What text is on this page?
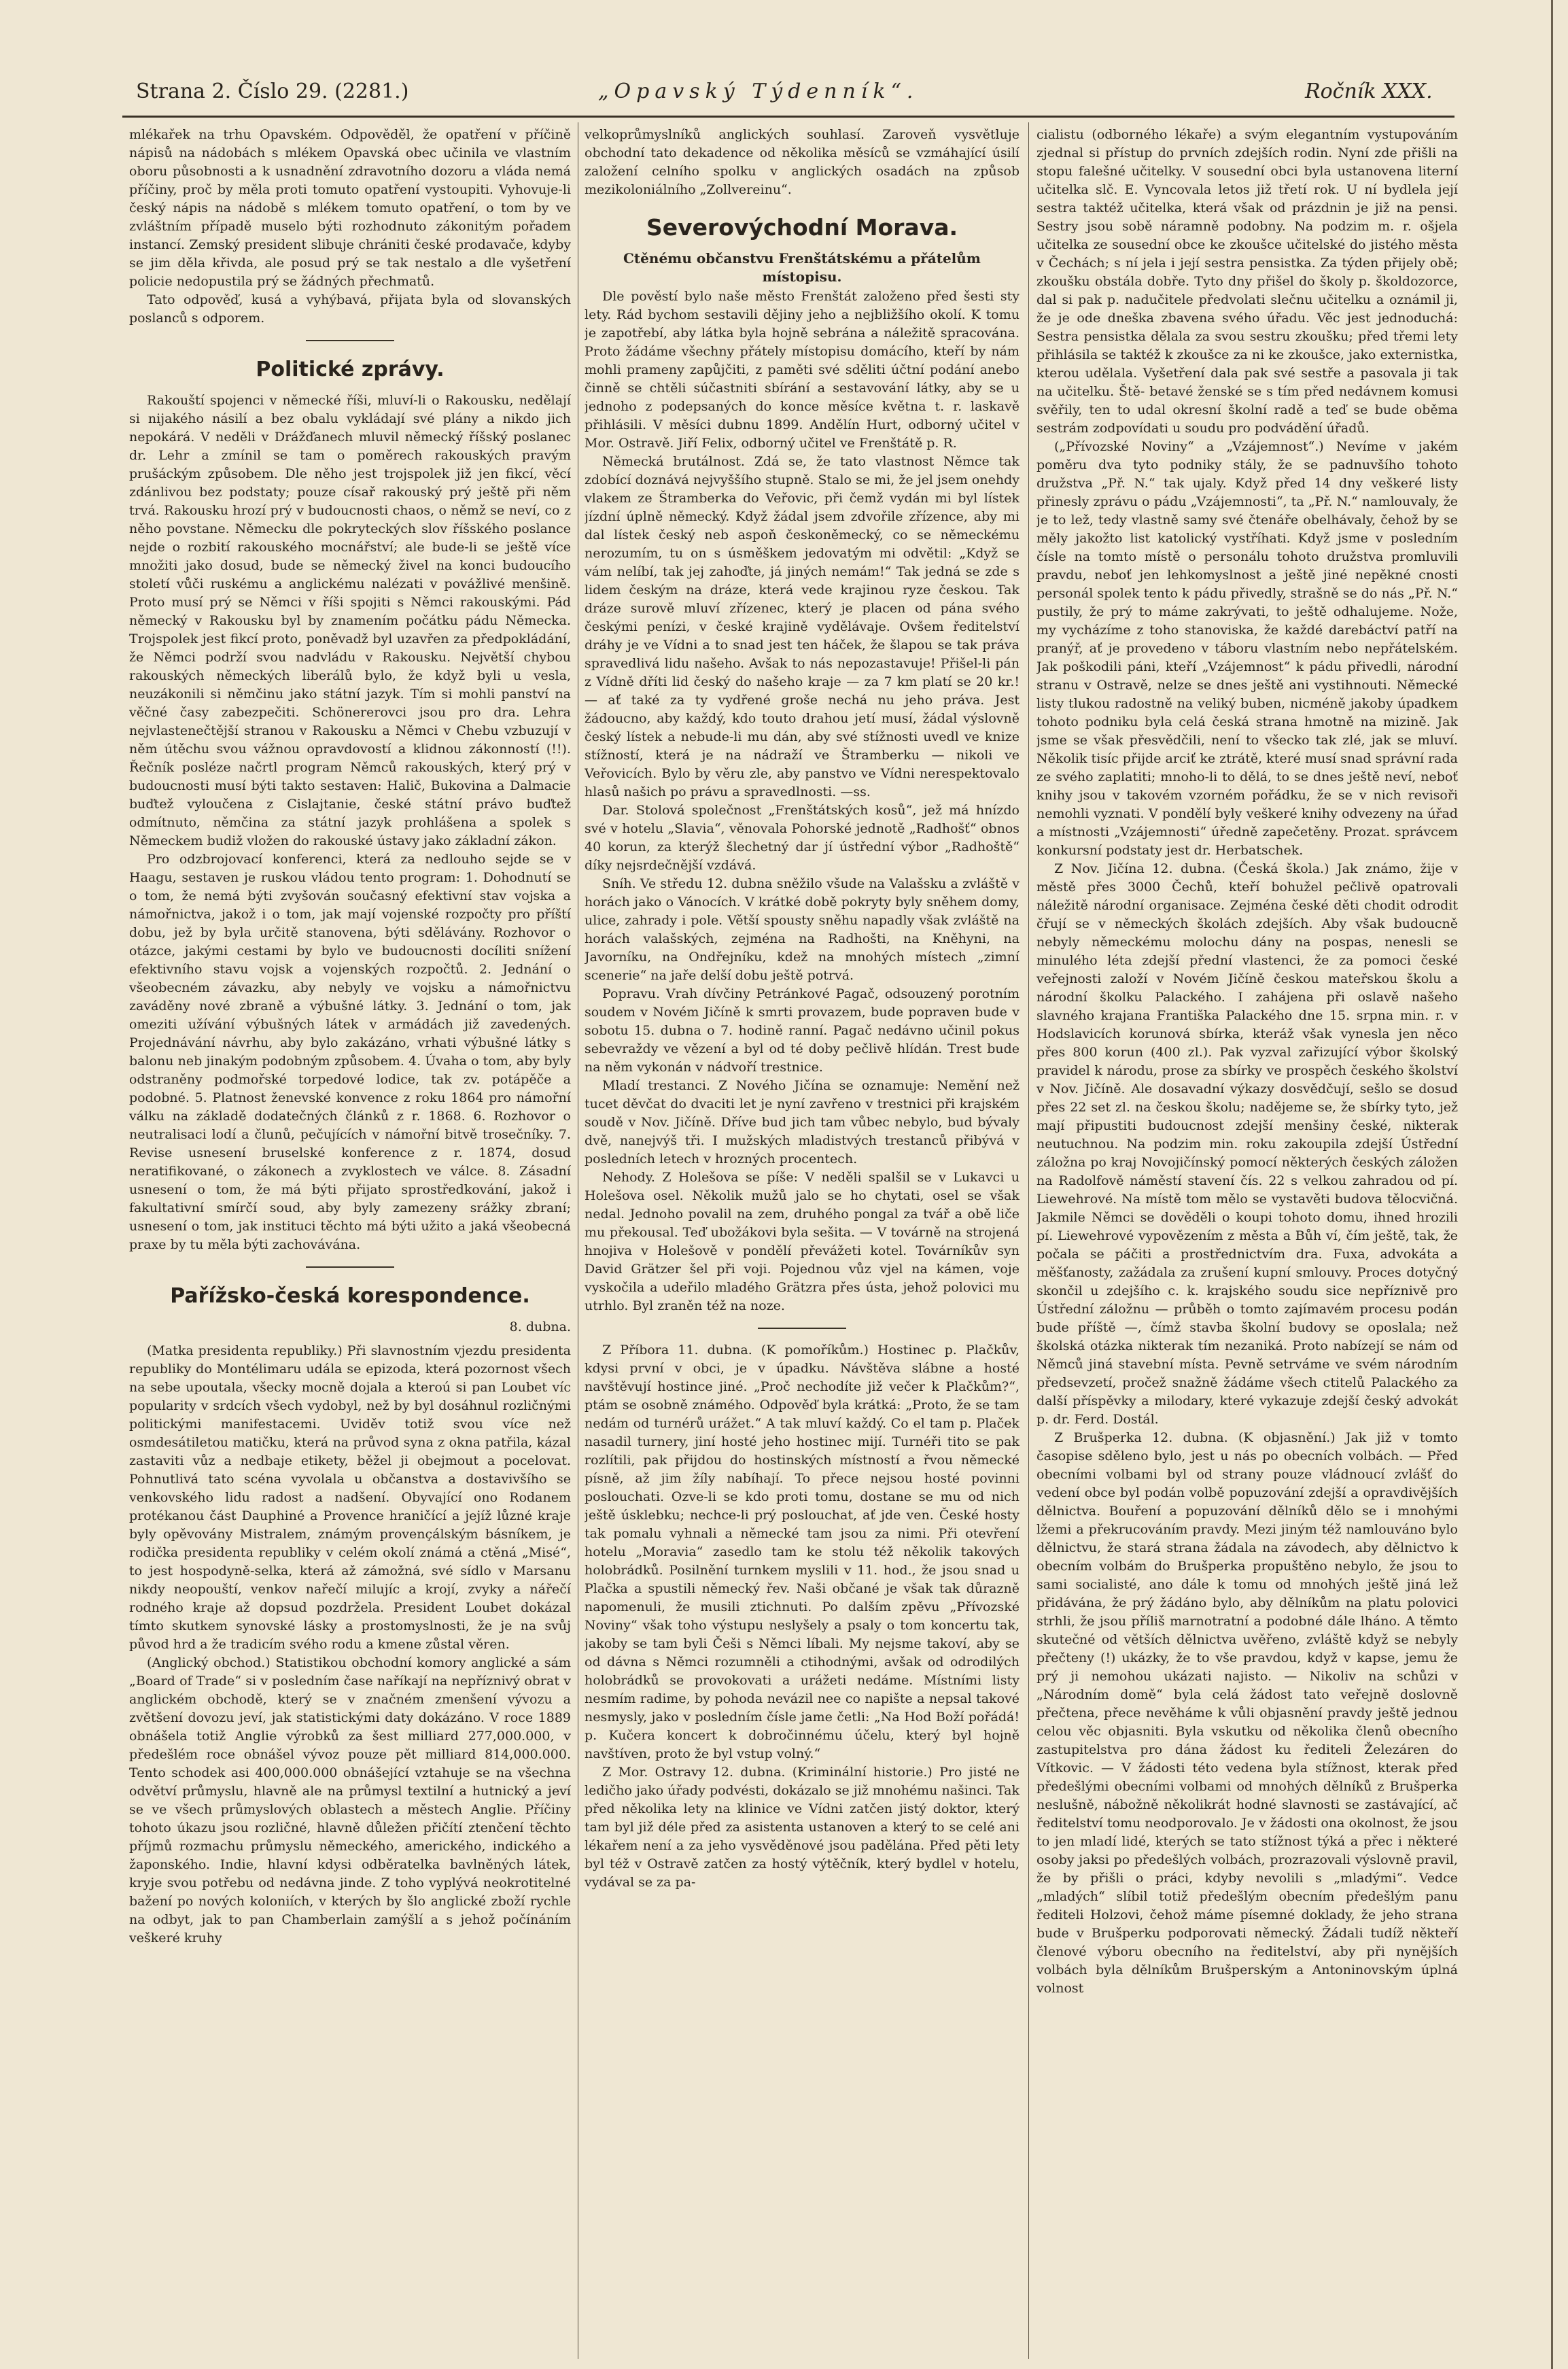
Strana 2. Číslo 29. (2281.)	„Opavský Týdenník“.	Ročník XXX.

mlékařek na trhu Opavském. Odpověděl, že opatření v příčině nápisů na nádobách s mlékem Opavská obec učinila ve vlastním oboru působnosti a k usnadnění zdravotního dozoru a vláda nemá příčiny, proč by měla proti tomuto opatření vystoupiti. Vyhovuje-li český nápis na nádobě s mlékem tomuto opatření, o tom by ve zvláštním případě muselo býti rozhodnuto zákonitým pořadem instancí. Zemský president slibuje chrániti české prodavače, kdyby se jim děla křivda, ale posud prý se tak nestalo a dle vyšetření policie nedopustila prý se žádných přechmatů.

Tato odpověď, kusá a vyhýbavá, přijata byla od slovanských poslanců s odporem.

Politické zprávy.

Rakouští spojenci v německé říši, mluví-li o Rakousku, nedělají si nijakého násilí a bez obalu vykládají své plány a nikdo jich nepokárá. V neděli v Drážďanech mluvil německý říšský poslanec dr. Lehr a zmínil se tam o poměrech rakouských pravým prušáckým způsobem. Dle něho jest trojspolek již jen fikcí, věcí zdánlivou bez podstaty; pouze císař rakouský prý ještě při něm trvá. Rakousku hrozí prý v budoucnosti chaos, o němž se neví, co z něho povstane. Německu dle pokryteckých slov říšského poslance nejde o rozbití rakouského mocnářství; ale bude-li se ještě více množiti jako dosud, bude se německý živel na konci budoucího století vůči ruskému a anglickému nalézati v povážlivé menšině. Proto musí prý se Němci v říši spojiti s Němci rakouskými. Pád německý v Rakousku byl by znamením počátku pádu Německa. Trojspolek jest fikcí proto, poněvadž byl uzavřen za předpokládání, že Němci podrží svou nadvládu v Rakousku. Největší chybou rakouských německých liberálů bylo, že když byli u vesla, neuzákonili si němčinu jako státní jazyk. Tím si mohli panství na věčné časy zabezpečiti. Schönererovci jsou pro dra. Lehra nejvlastenečtější stranou v Rakousku a Němci v Chebu vzbuzují v něm útěchu svou vážnou opravdovostí a klidnou zákonností (!!). Řečník posléze načrtl program Němců rakouských, který prý v budoucnosti musí býti takto sestaven: Halič, Bukovina a Dalmacie buďtež vyloučena z Cislajtanie, české státní právo buďtež odmítnuto, němčina za státní jazyk prohlášena a spolek s Německem budiž vložen do rakouské ústavy jako základní zákon.

Pro odzbrojovací konferenci, která za nedlouho sejde se v Haagu, sestaven je ruskou vládou tento program: 1. Dohodnutí se o tom, že nemá býti zvyšován současný efektivní stav vojska a námořnictva, jakož i o tom, jak mají vojenské rozpočty pro příští dobu, jež by byla určitě stanovena, býti sdělávány. Rozhovor o otázce, jakými cestami by bylo ve budoucnosti docíliti snížení efektivního stavu vojsk a vojenských rozpočtů. 2. Jednání o všeobecném závazku, aby nebyly ve vojsku a námořnictvu zaváděny nové zbraně a výbušné látky. 3. Jednání o tom, jak omeziti užívání výbušných látek v armádách již zavedených. Projednávání návrhu, aby bylo zakázáno, vrhati výbušné látky s balonu neb jinakým podobným způsobem. 4. Úvaha o tom, aby byly odstraněny podmořské torpedové lodice, tak zv. potápěče a podobné. 5. Platnost ženevské konvence z roku 1864 pro námořní válku na základě dodatečných článků z r. 1868. 6. Rozhovor o neutralisaci lodí a člunů, pečujících v námořní bitvě trosečníky. 7. Revise usnesení bruselské konference z r. 1874, dosud neratifikované, o zákonech a zvyklostech ve válce. 8. Zásadní usnesení o tom, že má býti přijato sprostředkování, jakož i fakultativní smírčí soud, aby byly zamezeny srážky zbraní; usnesení o tom, jak instituci těchto má býti užito a jaká všeobecná praxe by tu měla býti zachovávána.

Pařížsko-česká korespondence.
8. dubna.

(Matka presidenta republiky.) Při slavnostním vjezdu presidenta republiky do Montélimaru udála se epizoda, která pozornost všech na sebe upoutala, všecky mocně dojala a kteroú si pan Loubet víc popularity v srdcích všech vydobyl, než by byl dosáhnul rozličnými politickými manifestacemi. Uviděv totiž svou více než osmdesátiletou matičku, která na průvod syna z okna patřila, kázal zastaviti vůz a nedbaje etikety, běžel ji obejmout a pocelovat. Pohnutlivá tato scéna vyvolala u občanstva a dostavivšího se venkovského lidu radost a nadšení. Obyvající ono Rodanem protékanou část Dauphiné a Provence hraničící a jejíž lůzné kraje byly opěvovány Mistralem, známým provençálským básníkem, je rodička presidenta republiky v celém okolí známá a ctěná „Misé“, to jest hospodyně-selka, která až zámožná, své sídlo v Marsanu nikdy neopouští, venkov nařečí milujíc a krojí, zvyky a nářečí rodného kraje až dopsud pozdržela. President Loubet dokázal tímto skutkem synovské lásky a prostomyslnosti, že je na svůj původ hrd a že tradicím svého rodu a kmene zůstal věren.

(Anglický obchod.) Statistikou obchodní komory anglické a sám „Board of Trade“ si v posledním čase naříkají na nepříznivý obrat v anglickém obchodě, který se v značném zmenšení vývozu a zvětšení dovozu jeví, jak statistickými daty dokázáno. V roce 1889 obnášela totiž Anglie výrobků za šest milliard 277,000.000, v předešlém roce obnášel vývoz pouze pět milliard 814,000.000. Tento schodek asi 400,000.000 obnášející vztahuje se na všechna odvětví průmyslu, hlavně ale na průmysl textilní a hutnický a jeví se ve všech průmyslových oblastech a městech Anglie. Příčiny tohoto úkazu jsou rozličné, hlavně důležen přičítí ztenčení těchto příjmů rozmachu průmyslu německého, amerického, indického a žaponského. Indie, hlavní kdysi odběratelka bavlněných látek, kryje svou potřebu od nedávna jinde. Z toho vyplývá neokrotitelné bažení po nových koloniích, v kterých by šlo anglické zboží rychle na odbyt, jak to pan Chamberlain zamýšlí a s jehož počínáním veškeré kruhy

velkoprůmyslníků anglických souhlasí. Zaroveň vysvětluje obchodní tato dekadence od několika měsíců se vzmáhající úsilí založení celního spolku v anglických osadách na způsob mezikoloniálního „Zollvereinu“.

Severovýchodní Morava.
Ctěnému občanstvu Frenštátskému a přátelům místopisu.

Dle pověstí bylo naše město Frenštát založeno před šesti sty lety. Rád bychom sestavili dějiny jeho a nejbližšího okolí. K tomu je zapotřebí, aby látka byla hojně sebrána a náležitě spracována. Proto žádáme všechny přátely místopisu domácího, kteří by nám mohli prameny zapůjčiti, z paměti své sděliti účtní podání anebo činně se chtěli súčastniti sbírání a sestavování látky, aby se u jednoho z podepsaných do konce měsíce května t. r. laskavě přihlásili. V měsíci dubnu 1899. Andělín Hurt, odborný učitel v Mor. Ostravě. Jiří Felix, odborný učitel ve Frenštátě p. R.

Německá brutálnost. Zdá se, že tato vlastnost Němce tak zdobící doznává nejvyššího stupně. Stalo se mi, že jel jsem onehdy vlakem ze Štramberka do Veřovic, při čemž vydán mi byl lístek jízdní úplně německý. Když žádal jsem zdvořile zřízence, aby mi dal lístek český neb aspoň českoněmecký, co se německému nerozumím, tu on s úsměškem jedovatým mi odvětil: „Když se vám nelíbí, tak jej zahoďte, já jiných nemám!“ Tak jedná se zde s lidem českým na dráze, která vede krajinou ryze českou. Tak dráze surově mluví zřízenec, který je placen od pána svého českými penízi, v české krajině vydělávaje. Ovšem ředitelství dráhy je ve Vídni a to snad jest ten háček, že šlapou se tak práva spravedlivá lidu našeho. Avšak to nás nepozastavuje! Přišel-li pán z Vídně dříti lid český do našeho kraje — za 7 km platí se 20 kr.! — ať také za ty vydřené groše nechá nu jeho práva. Jest žádoucno, aby každý, kdo touto drahou jetí musí, žádal výslovně český lístek a nebude-li mu dán, aby své stížnosti uvedl ve knize stížností, která je na nádraží ve Štramberku — nikoli ve Veřovicích. Bylo by věru zle, aby panstvo ve Vídni nerespektovalo hlasů našich po právu a spravedlnosti. —ss.

Dar. Stolová společnost „Frenštátských kosů“, jež má hnízdo své v hotelu „Slavia“, věnovala Pohorské jednotě „Radhošť“ obnos 40 korun, za kterýž šlechetný dar jí ústřední výbor „Radhoště“ díky nejsrdečnější vzdává.

Sníh. Ve středu 12. dubna sněžilo všude na Valašsku a zvláště v horách jako o Vánocích. V krátké době pokryty byly sněhem domy, ulice, zahrady i pole. Větší spousty sněhu napadly však zvláště na horách valašských, zejména na Radhošti, na Kněhyni, na Javorníku, na Ondřejníku, kdež na mnohých místech „zimní scenerie“ na jaře delší dobu ještě potrvá.

Popravu. Vrah dívčiny Petránkové Pagač, odsouzený porotním soudem v Novém Jičíně k smrti provazem, bude popraven bude v sobotu 15. dubna o 7. hodině ranní. Pagač nedávno učinil pokus sebevraždy ve vězení a byl od té doby pečlivě hlídán. Trest bude na něm vykonán v nádvoří trestnice.

Mladí trestanci. Z Nového Jičína se oznamuje: Nemění než tucet děvčat do dvaciti let je nyní zavřeno v trestnici při krajském soudě v Nov. Jičíně. Dříve bud jich tam vůbec nebylo, bud bývaly dvě, nanejvýš tři. I mužských mladistvých trestanců přibývá v posledních letech v hrozných procentech.

Nehody. Z Holešova se píše: V neděli spalšil se v Lukavci u Holešova osel. Několik mužů jalo se ho chytati, osel se však nedal. Jednoho povalil na zem, druhého pongal za tvář a obě liče mu překousal. Teď ubožákovi byla sešita. — V továrně na strojená hnojiva v Holešově v pondělí převážeti kotel. Továrníkův syn David Grätzer šel při voji. Pojednou vůz vjel na kámen, voje vyskočila a udeřilo mladého Grätzra přes ústa, jehož polovici mu utrhlo. Byl zraněn též na noze.

Z Příbora 11. dubna. (K pomoříkům.) Hostinec p. Plačkův, kdysi první v obci, je v úpadku. Návštěva slábne a hosté navštěvují hostince jiné. „Proč nechodíte již večer k Plačkům?“, ptám se osobně známého. Odpověď byla krátká: „Proto, že se tam nedám od turnérů urážet.“ A tak mluví každý. Co el tam p. Plaček nasadil turnery, jiní hosté jeho hostinec mijí. Turnéři tito se pak rozlítili, pak přijdou do hostinských místností a řvou německé písně, až jim žíly nabíhají. To přece nejsou hosté povinni poslouchati. Ozve-li se kdo proti tomu, dostane se mu od nich ještě úsklebku; nechce-li prý poslouchat, ať jde ven. České hosty tak pomalu vyhnali a německé tam jsou za nimi. Při otevření hotelu „Moravia“ zasedlo tam ke stolu též několik takových holobrádků. Posilnění turnkem myslili v 11. hod., že jsou snad u Plačka a spustili německý řev. Naši občané je však tak důrazně napomenuli, že musili ztichnuti. Po dalším zpěvu „Přívozské Noviny“ však toho výstupu neslyšely a psaly o tom koncertu tak, jakoby se tam byli Češi s Němci líbali. My nejsme takoví, aby se od dávna s Němci rozumněli a ctihodnými, avšak od odrodilých holobrádků se provokovati a urážeti nedáme. Místními listy nesmím radime, by pohoda nevázil nee co napište a nepsal takové nesmysly, jako v posledním čísle jame četli: „Na Hod Boží pořádá! p. Kučera koncert k dobročinnému účelu, který byl hojně navštíven, proto že byl vstup volný.“

Z Mor. Ostravy 12. dubna. (Kriminální historie.) Pro jisté ne ledičho jako úřady podvésti, dokázalo se již mnohému našinci. Tak před několika lety na klinice ve Vídni zatčen jistý doktor, který tam byl již déle před za asistenta ustanoven a který to se celé ani lékařem není a za jeho vysvěděnové jsou padělána. Před pěti lety byl též v Ostravě zatčen za hostý výtěčník, který bydlel v hotelu, vydával se za pa-

cialistu (odborného lékaře) a svým elegantním vystupováním zjednal si přístup do prvních zdejších rodin. Nyní zde přišli na stopu falešné učitelky. V sousední obci byla ustanovena literní učitelka slč. E. Vyncovala letos již třetí rok. U ní bydlela její sestra taktéž učitelka, která však od prázdnin je již na pensi. Sestry jsou sobě náramně podobny. Na podzim m. r. ošjela učitelka ze sousední obce ke zkoušce učitelské do jistého města v Čechách; s ní jela i její sestra pensistka. Za týden přijely obě; zkoušku obstála dobře. Tyto dny přišel do školy p. školdozorce, dal si pak p. nadučitele předvolati slečnu učitelku a oznámil ji, že je ode dneška zbavena svého úřadu. Věc jest jednoduchá: Sestra pensistka dělala za svou sestru zkoušku; před třemi lety přihlásila se taktéž k zkoušce za ni ke zkoušce, jako externistka, kterou udělala. Vyšetření dala pak své sestře a pasovala ji tak na učitelku. Ště- betavé ženské se s tím před nedávnem komusi svěřily, ten to udal okresní školní radě a teď se bude oběma sestrám zodpovídati u soudu pro podvádění úřadů.

(„Přívozské Noviny“ a „Vzájemnost“.) Nevíme v jakém poměru dva tyto podniky stály, že se padnuvšího tohoto družstva „Př. N.“ tak ujaly. Když před 14 dny veškeré listy přinesly zprávu o pádu „Vzájemnosti“, ta „Př. N.“ namlouvaly, že je to lež, tedy vlastně samy své čtenáře obelhávaly, čehož by se měly jakožto list katolický vystříhati. Když jsme v posledním čísle na tomto místě o personálu tohoto družstva promluvili pravdu, neboť jen lehkomyslnost a ještě jiné nepěkné cnosti personál spolek tento k pádu přivedly, strašně se do nás „Př. N.“ pustily, že prý to máme zakrývati, to ještě odhalujeme. Nože, my vycházíme z toho stanoviska, že každé darebáctví patří na pranýř, ať je provedeno v táboru vlastním nebo nepřátelském. Jak poškodili páni, kteří „Vzájemnost“ k pádu přivedli, národní stranu v Ostravě, nelze se dnes ještě ani vystihnouti. Německé listy tlukou radostně na veliký buben, nicméně jakoby úpadkem tohoto podniku byla celá česká strana hmotně na mizině. Jak jsme se však přesvědčili, není to všecko tak zlé, jak se mluví. Několik tisíc přijde arciť ke ztrátě, které musí snad správní rada ze svého zaplatiti; mnoho-li to dělá, to se dnes ještě neví, neboť knihy jsou v takovém vzorném pořádku, že se v nich revisoři nemohli vyznati. V pondělí byly veškeré knihy odvezeny na úřad a místnosti „Vzájemnosti“ úředně zapečetěny. Prozat. správcem konkursní podstaty jest dr. Herbatschek.

Z Nov. Jičína 12. dubna. (Česká škola.) Jak známo, žije v městě přes 3000 Čechů, kteří bohužel pečlivě opatrovali náležitě národní organisace. Zejména české děti chodit odrodit čřují se v německých školách zdejších. Aby však budoucně nebyly německému molochu dány na pospas, nenesli se minulého léta zdejší přední vlastenci, že za pomoci české veřejnosti založí v Novém Jičíně českou mateřskou školu a národní školku Palackého. I zahájena při oslavě našeho slavného krajana Františka Palackého dne 15. srpna min. r. v Hodslavicích korunová sbírka, kteráž však vynesla jen něco přes 800 korun (400 zl.). Pak vyzval zařizující výbor školský pravidel k národu, prose za sbírky ve prospěch českého školství v Nov. Jičíně. Ale dosavadní výkazy dosvědčují, sešlo se dosud přes 22 set zl. na českou školu; nadějeme se, že sbírky tyto, jež mají připustiti budoucnost zdejší menšiny české, nikterak neutuchnou. Na podzim min. roku zakoupila zdejší Ústřední záložna po kraj Novojičínský pomocí některých českých záložen na Radolfově náměstí stavení čís. 22 s velkou zahradou od pí. Liewehrové. Na místě tom mělo se vystavěti budova tělocvičná. Jakmile Němci se dověděli o koupi tohoto domu, ihned hrozili pí. Liewehrové vypovězením z města a Bůh ví, čím ještě, tak, že počala se páčiti a prostřednictvím dra. Fuxa, advokáta a měšťanosty, zažádala za zrušení kupní smlouvy. Proces dotyčný skončil u zdejšího c. k. krajského soudu sice nepříznivě pro Ústřední záložnu — průběh o tomto zajímavém procesu podán bude příště —, čímž stavba školní budovy se oposlala; než školská otázka nikterak tím nezaniká. Proto nabízejí se nám od Němců jiná stavební místa. Pevně setrváme ve svém národním předsevzetí, pročež snažně žádáme všech ctitelů Palackého za další příspěvky a milodary, které vykazuje zdejší český advokát p. dr. Ferd. Dostál.

Z Brušperka 12. dubna. (K objasnění.) Jak již v tomto časopise sděleno bylo, jest u nás po obecních volbách. — Před obecními volbami byl od strany pouze vládnoucí zvlášť do vedení obce byl podán volbě popuzování zdejší a opravdivějších dělnictva. Bouření a popuzování dělníků dělo se i mnohými lžemi a překrucováním pravdy. Mezi jiným též namlouváno bylo dělnictvu, že stará strana žádala na závodech, aby dělnictvo k obecním volbám do Brušperka propuštěno nebylo, že jsou to sami socialisté, ano dále k tomu od mnohých ještě jiná lež přidávána, že prý žádáno bylo, aby dělníkům na platu polovici strhli, že jsou příliš marnotratní a podobné dále lháno. A těmto skutečné od větších dělnictva uvěřeno, zvláště když se nebyly přečteny (!) ukázky, že to vše pravdou, když v kapse, jemu že prý ji nemohou ukázati najisto. — Nikoliv na schůzi v „Národním domě“ byla celá žádost tato veřejně doslovně přečtena, přece nevěháme k vůli objasnění pravdy ještě jednou celou věc objasniti. Byla vskutku od několika členů obecního zastupitelstva pro dána žádost ku řediteli Železáren do Vítkovic. — V žádosti této vedena byla stížnost, kterak před předešlými obecními volbami od mnohých dělníků z Brušperka neslušně, nábožně několikrát hodné slavnosti se zastávající, ač ředitelství tomu neodporovalo. Je v žádosti ona okolnost, že jsou to jen mladí lidé, kterých se tato stížnost týká a přec i některé osoby jaksi po předešlých volbách, prozrazovali výslovně pravil, že by přišli o práci, kdyby nevolili s „mladými“. Vedce „mladých“ slíbil totiž předešlým obecním předešlým panu řediteli Holzovi, čehož máme písemné doklady, že jeho strana bude v Brušperku podporovati německý. Žádali tudíž někteří členové výboru obecního na ředitelství, aby při nynějších volbách byla dělníkům Brušperským a Antoninovským úplná volnost
